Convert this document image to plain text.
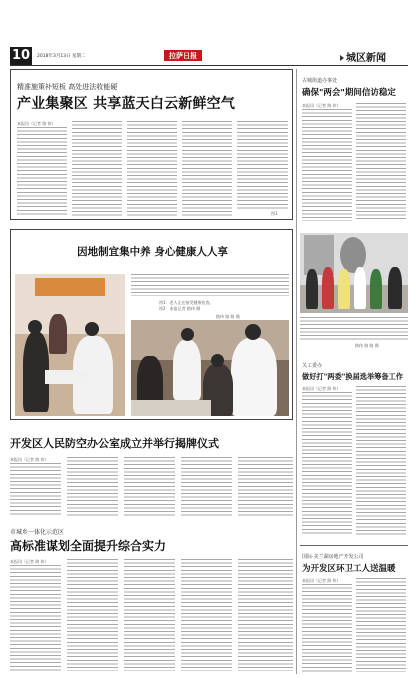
10	2018年3月13日 星期二	拉萨日报	城区新闻
精准施策补短板 高处进法收能硬
产业集聚区 共享蓝天白云新鲜空气
本报讯（记者 路 伟）
图1
古城街道办事处
确保"两会"期间信访稳定
本报讯（记者 路 伟）
因地制宜集中养 身心健康人人享
图1：老人正在接受健康检查。
图2：本报记者 路伟 摄
路伟 路 路 摄
路伟 路 路 摄
开发区人民防空办公室成立并举行揭牌仪式
本报讯（记者 路 伟）
关工委办
做好打"两委"换届选举筹备工作
本报讯（记者 路 伟）
市城乡一体化示范区
高标准谋划全面提升综合实力
本报讯（记者 路 伟）
国际·美兰湖房地产开发公司
为开发区环卫工人送温暖
本报讯（记者 路 伟）
